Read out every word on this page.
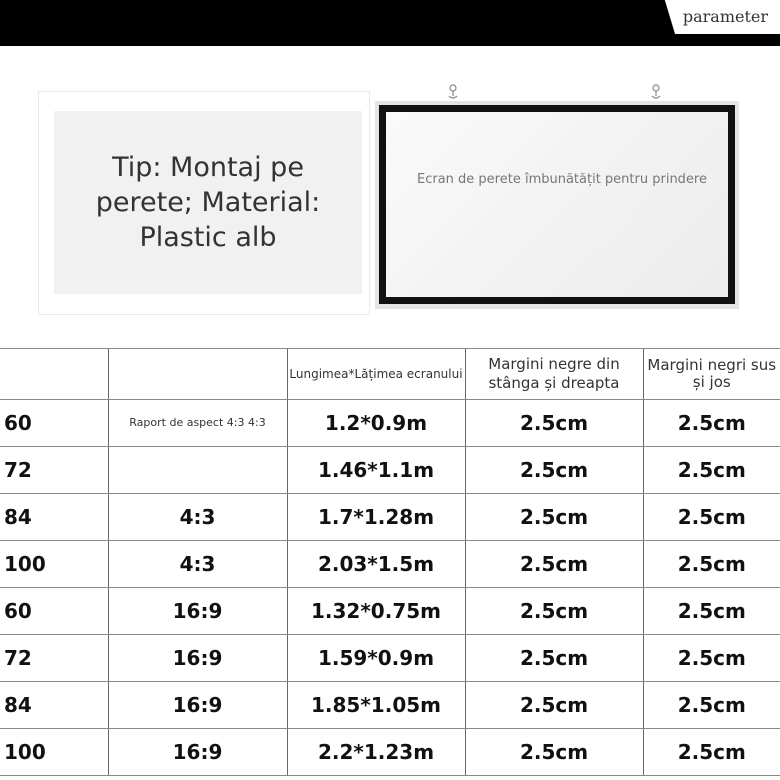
parameter
Tip: Montaj pe perete; Material: Plastic alb
Ecran de perete îmbunătățit pentru prindere
		Lungimea*Lățimea ecranului	Margini negre din stânga și dreapta	Margini negri sus și jos
60	Raport de aspect 4:3 4:3	1.2*0.9m	2.5cm	2.5cm
72		1.46*1.1m	2.5cm	2.5cm
84	4:3	1.7*1.28m	2.5cm	2.5cm
100	4:3	2.03*1.5m	2.5cm	2.5cm
60	16:9	1.32*0.75m	2.5cm	2.5cm
72	16:9	1.59*0.9m	2.5cm	2.5cm
84	16:9	1.85*1.05m	2.5cm	2.5cm
100	16:9	2.2*1.23m	2.5cm	2.5cm
